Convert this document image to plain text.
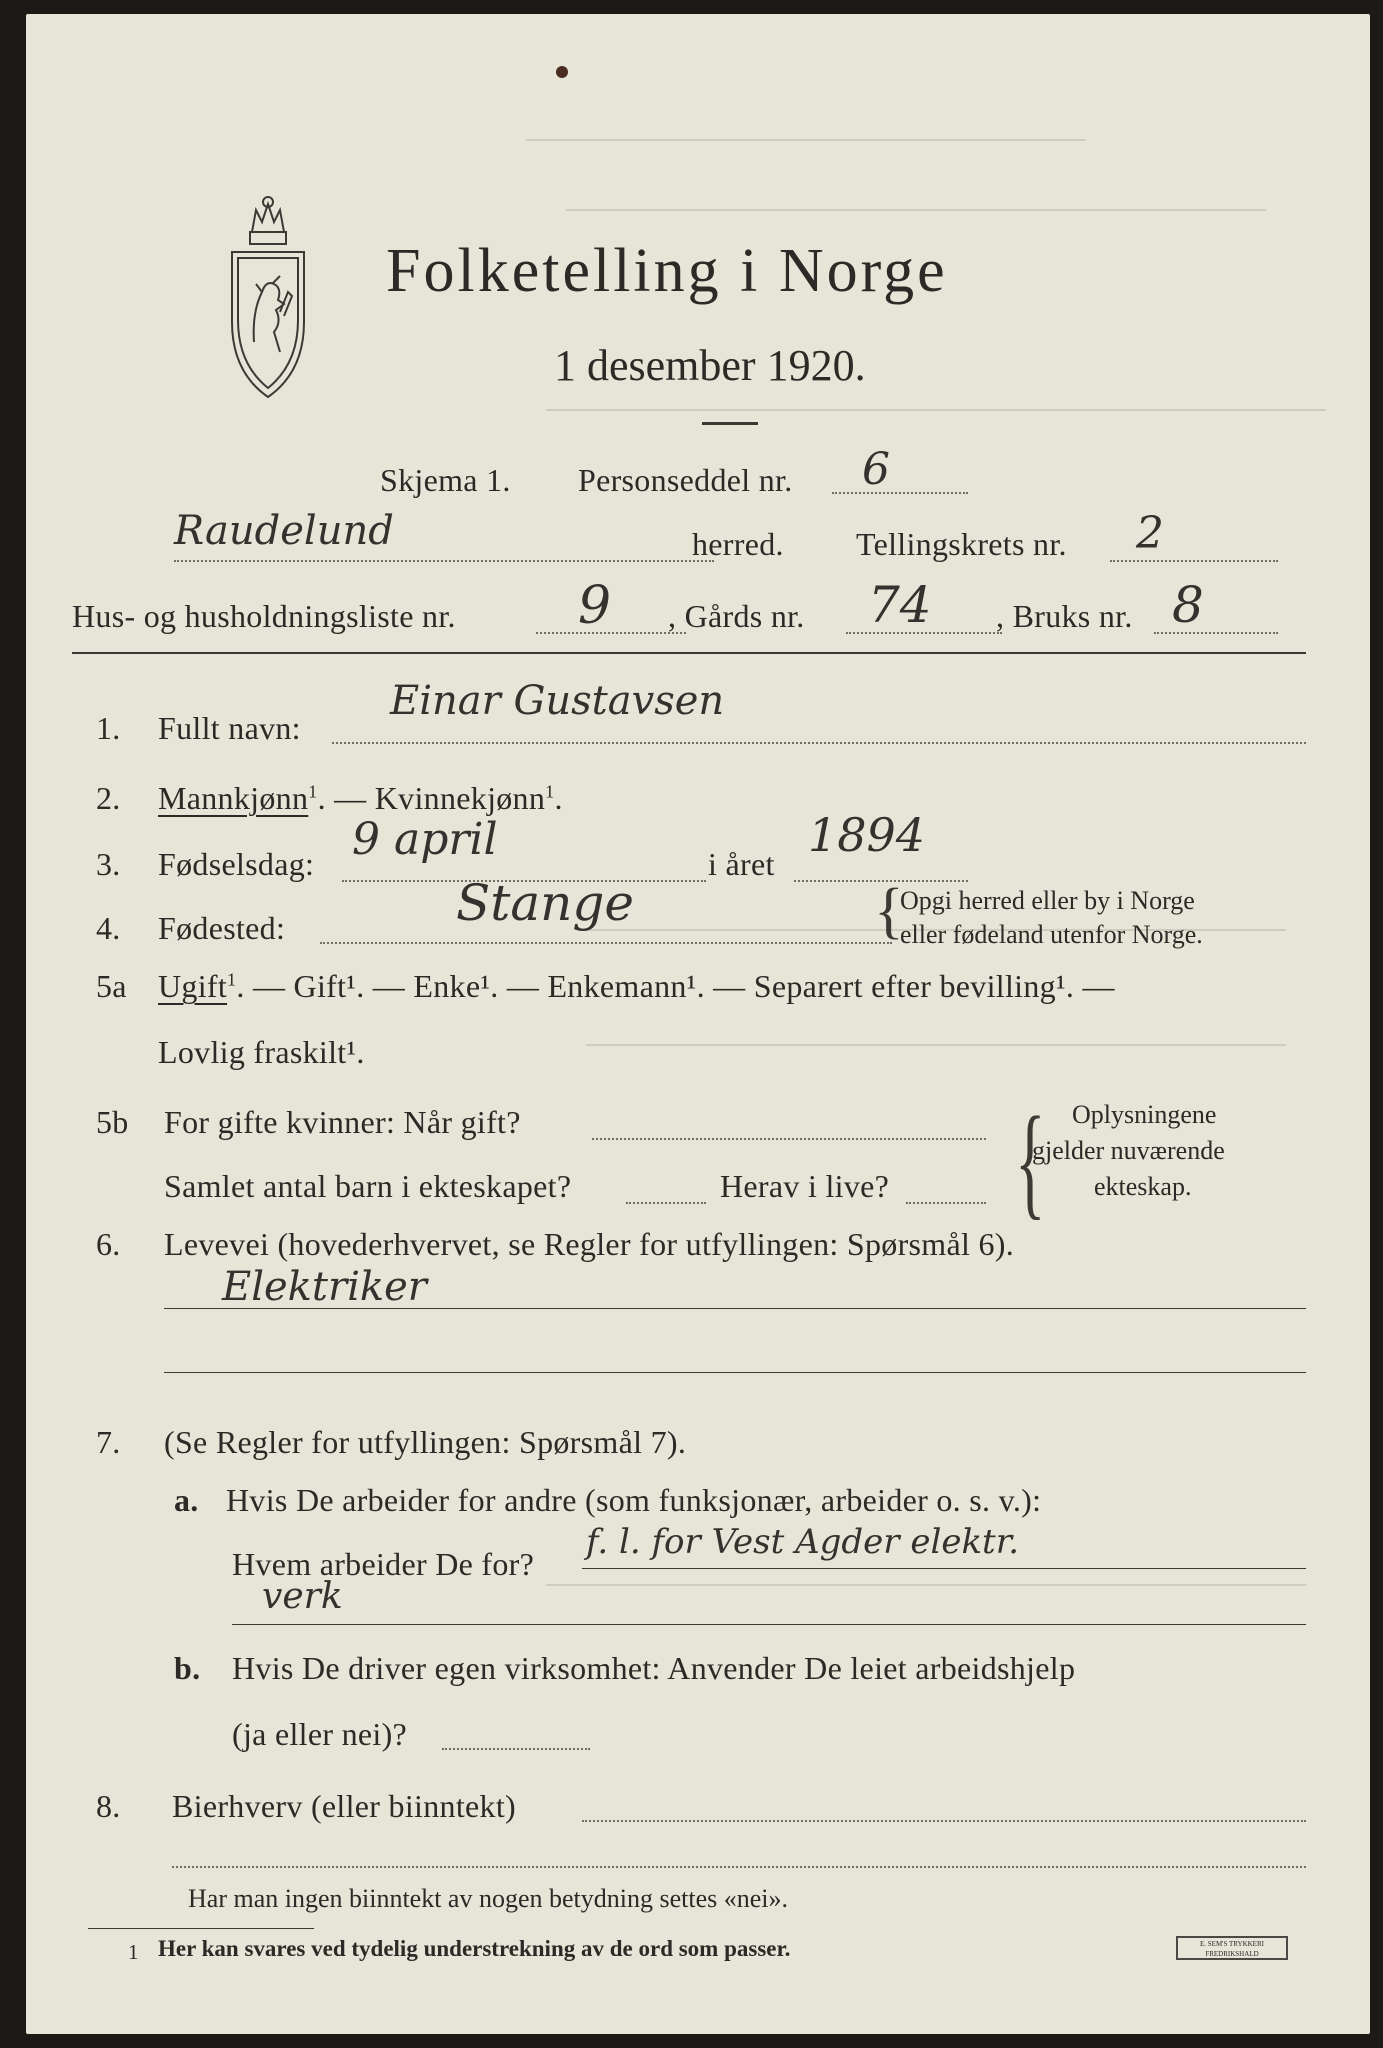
Folketelling i Norge
1 desember 1920.
Skjema 1. Personseddel nr. 6
Raudelund	herred. Tellingskrets nr. 2
Hus- og husholdningsliste nr. 9 , Gårds nr. 74 , Bruks nr. 8
1. Fullt navn:
Einar Gustavsen
2. Mannkjønn$^1$. — Kvinnekjønn$^1$.
3. Fødselsdag: 9 april	i året
1894
4. Fødested:	Stange	{
Opgi herred eller by i Norge
eller fødeland utenfor Norge.
5a Ugift$^1$. — Gift¹. — Enke¹. — Enkemann¹. — Separert efter bevilling¹. —
Lovlig fraskilt¹.
5b For gifte kvinner: Når gift?
Samlet antal barn i ekteskapet?	Herav i live? { Oplysningene
gjelder nuværende
ekteskap.
6. Levevei (hovederhvervet, se Regler for utfyllingen: Spørsmål 6).
Elektriker
7. (Se Regler for utfyllingen: Spørsmål 7).
a. Hvis De arbeider for andre (som funksjonær, arbeider o. s. v.):
Hvem arbeider De for?
f. l. for Vest Agder elektr.
verk
b. Hvis De driver egen virksomhet: Anvender De leiet arbeidshjelp
(ja eller nei)?
8. Bierhverv (eller biinntekt)
Har man ingen biinntekt av nogen betydning settes «nei».
1 Her kan svares ved tydelig understrekning av de ord som passer.	E. SEM'S TRYKKERI FREDRIKSHALD
